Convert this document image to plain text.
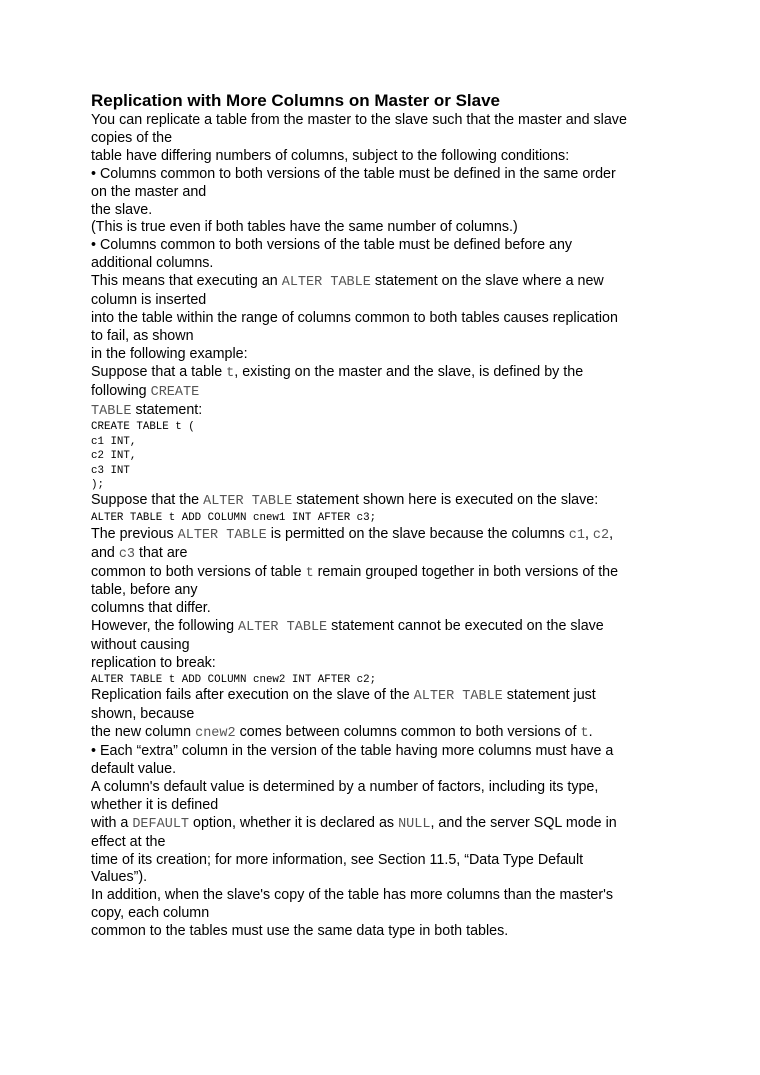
Replication with More Columns on Master or Slave
You can replicate a table from the master to the slave such that the master and slave
copies of the
table have differing numbers of columns, subject to the following conditions:
• Columns common to both versions of the table must be defined in the same order
on the master and
the slave.
(This is true even if both tables have the same number of columns.)
• Columns common to both versions of the table must be defined before any
additional columns.
This means that executing an ALTER TABLE statement on the slave where a new
column is inserted
into the table within the range of columns common to both tables causes replication
to fail, as shown
in the following example:
Suppose that a table t, existing on the master and the slave, is defined by the
following CREATE
TABLE statement:
CREATE TABLE t (
c1 INT,
c2 INT,
c3 INT
);
Suppose that the ALTER TABLE statement shown here is executed on the slave:
ALTER TABLE t ADD COLUMN cnew1 INT AFTER c3;
The previous ALTER TABLE is permitted on the slave because the columns c1, c2,
and c3 that are
common to both versions of table t remain grouped together in both versions of the
table, before any
columns that differ.
However, the following ALTER TABLE statement cannot be executed on the slave
without causing
replication to break:
ALTER TABLE t ADD COLUMN cnew2 INT AFTER c2;
Replication fails after execution on the slave of the ALTER TABLE statement just
shown, because
the new column cnew2 comes between columns common to both versions of t.
• Each “extra” column in the version of the table having more columns must have a
default value.
A column's default value is determined by a number of factors, including its type,
whether it is defined
with a DEFAULT option, whether it is declared as NULL, and the server SQL mode in
effect at the
time of its creation; for more information, see Section 11.5, “Data Type Default
Values”).
In addition, when the slave's copy of the table has more columns than the master's
copy, each column
common to the tables must use the same data type in both tables.
